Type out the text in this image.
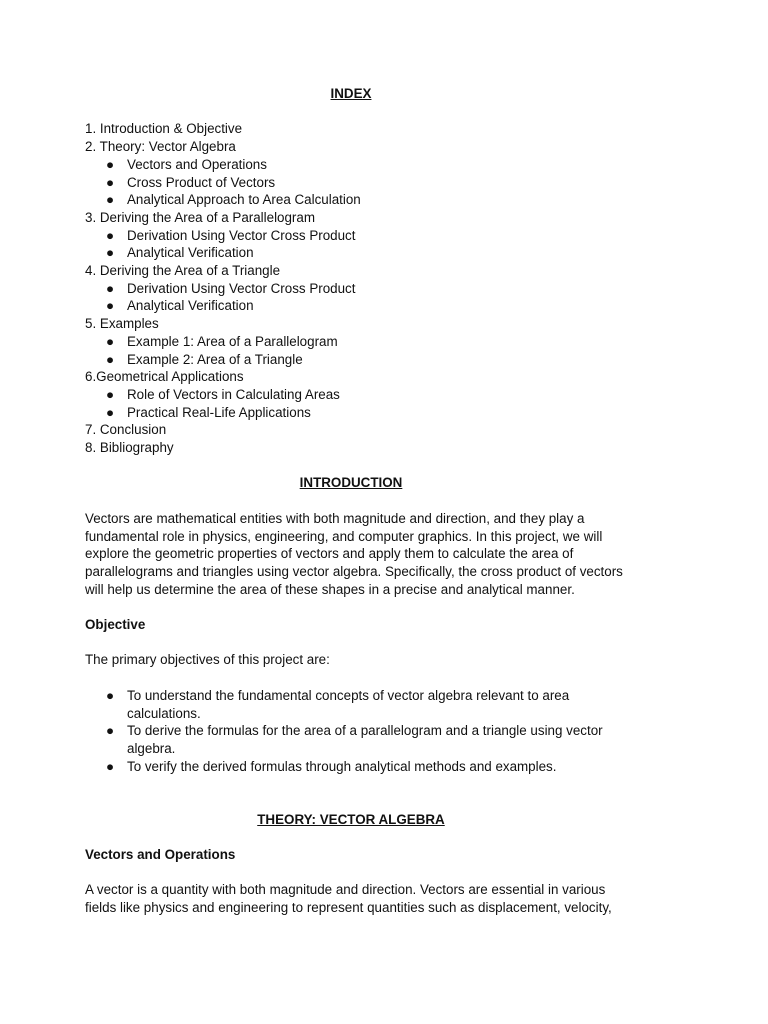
INDEX

1. Introduction & Objective

2. Theory: Vector Algebra

● Vectors and Operations
● Cross Product of Vectors
● Analytical Approach to Area Calculation

3. Deriving the Area of a Parallelogram

● Derivation Using Vector Cross Product
● Analytical Verification

4. Deriving the Area of a Triangle

● Derivation Using Vector Cross Product
● Analytical Verification

5. Examples

● Example 1: Area of a Parallelogram
● Example 2: Area of a Triangle

6.Geometrical Applications

● Role of Vectors in Calculating Areas
● Practical Real-Life Applications

7. Conclusion

8. Bibliography

INTRODUCTION

Vectors are mathematical entities with both magnitude and direction, and they play a

fundamental role in physics, engineering, and computer graphics. In this project, we will

explore the geometric properties of vectors and apply them to calculate the area of

parallelograms and triangles using vector algebra. Specifically, the cross product of vectors

will help us determine the area of these shapes in a precise and analytical manner.

Objective

The primary objectives of this project are:

● To understand the fundamental concepts of vector algebra relevant to area
calculations.
● To derive the formulas for the area of a parallelogram and a triangle using vector
algebra.
● To verify the derived formulas through analytical methods and examples.

THEORY: VECTOR ALGEBRA

Vectors and Operations

A vector is a quantity with both magnitude and direction. Vectors are essential in various

fields like physics and engineering to represent quantities such as displacement, velocity,
